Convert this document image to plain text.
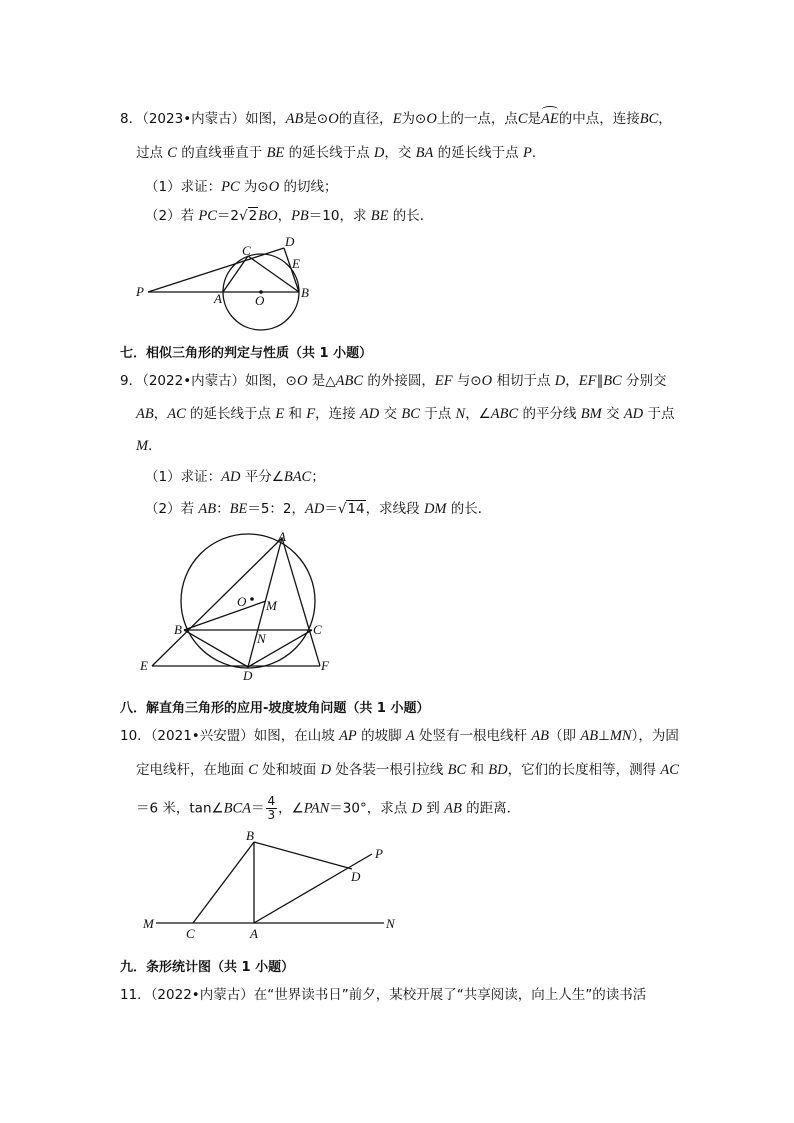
8．（2023•内蒙古）如图，AB是⊙O的直径，E为⊙O上的一点，点C是AE的中点，连接BC，
过点 C 的直线垂直于 BE 的延长线于点 D，交 BA 的延长线于点 P．
（1）求证：PC 为⊙O 的切线；
（2）若 PC＝2√2BO，PB＝10，求 BE 的长．
P	A	O
C
D
E
B
七．相似三角形的判定与性质（共 1 小题）
9．（2022•内蒙古）如图，⊙O 是△ABC 的外接圆，EF 与⊙O 相切于点 D，EF∥BC 分别交
AB，AC 的延长线于点 E 和 F，连接 AD 交 BC 于点 N，∠ABC 的平分线 BM 交 AD 于点
M．
（1）求证：AD 平分∠BAC；
（2）若 AB：BE＝5：2，AD＝√14，求线段 DM 的长．
A
O M
B	C
N
E
D
F
八．解直角三角形的应用-坡度坡角问题（共 1 小题）
10．（2021•兴安盟）如图，在山坡 AP 的坡脚 A 处竖有一根电线杆 AB（即 AB⊥MN），为固
定电线杆，在地面 C 处和坡面 D 处各装一根引拉线 BC 和 BD，它们的长度相等，测得 AC
＝6 米，tan∠BCA＝ $\frac{4}{3}$ ，∠PAN＝30°，求点 D 到 AB 的距离．
B
P
D
M
C	A
N
九．条形统计图（共 1 小题）
11．（2022•内蒙古）在“世界读书日”前夕，某校开展了“共享阅读，向上人生”的读书活
